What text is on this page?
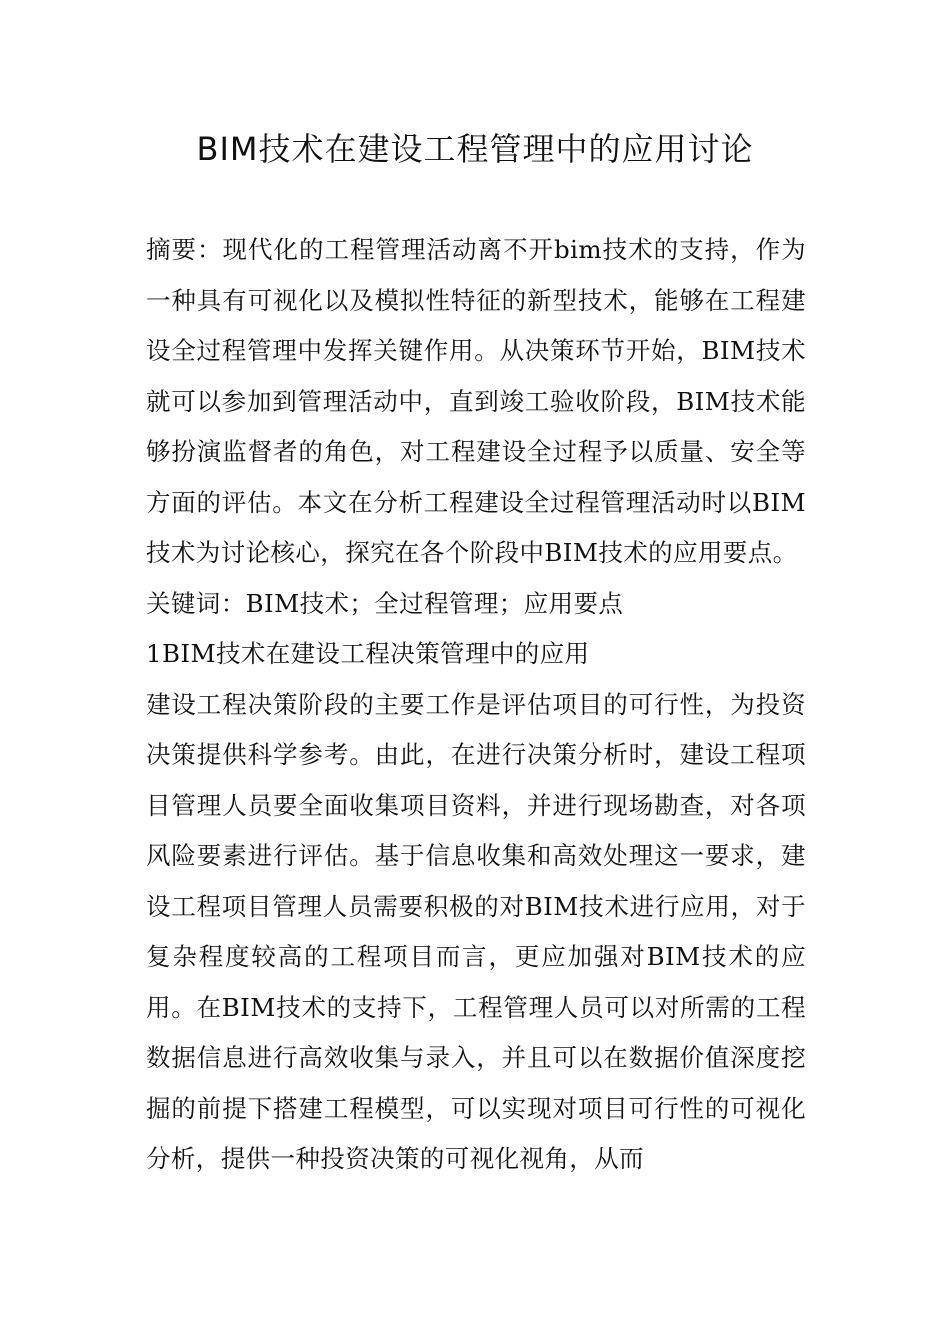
BIM技术在建设工程管理中的应用讨论

摘要：现代化的工程管理活动离不开bim技术的支持，作为一种具有可视化以及模拟性特征的新型技术，能够在工程建设全过程管理中发挥关键作用。从决策环节开始，BIM技术就可以参加到管理活动中，直到竣工验收阶段，BIM技术能够扮演监督者的角色，对工程建设全过程予以质量、安全等方面的评估。本文在分析工程建设全过程管理活动时以BIM技术为讨论核心，探究在各个阶段中BIM技术的应用要点。

关键词：BIM技术；全过程管理；应用要点

1BIM技术在建设工程决策管理中的应用

建设工程决策阶段的主要工作是评估项目的可行性，为投资决策提供科学参考。由此，在进行决策分析时，建设工程项目管理人员要全面收集项目资料，并进行现场勘查，对各项风险要素进行评估。基于信息收集和高效处理这一要求，建设工程项目管理人员需要积极的对BIM技术进行应用，对于复杂程度较高的工程项目而言，更应加强对BIM技术的应用。在BIM技术的支持下，工程管理人员可以对所需的工程数据信息进行高效收集与录入，并且可以在数据价值深度挖掘的前提下搭建工程模型，可以实现对项目可行性的可视化分析，提供一种投资决策的可视化视角，从而
